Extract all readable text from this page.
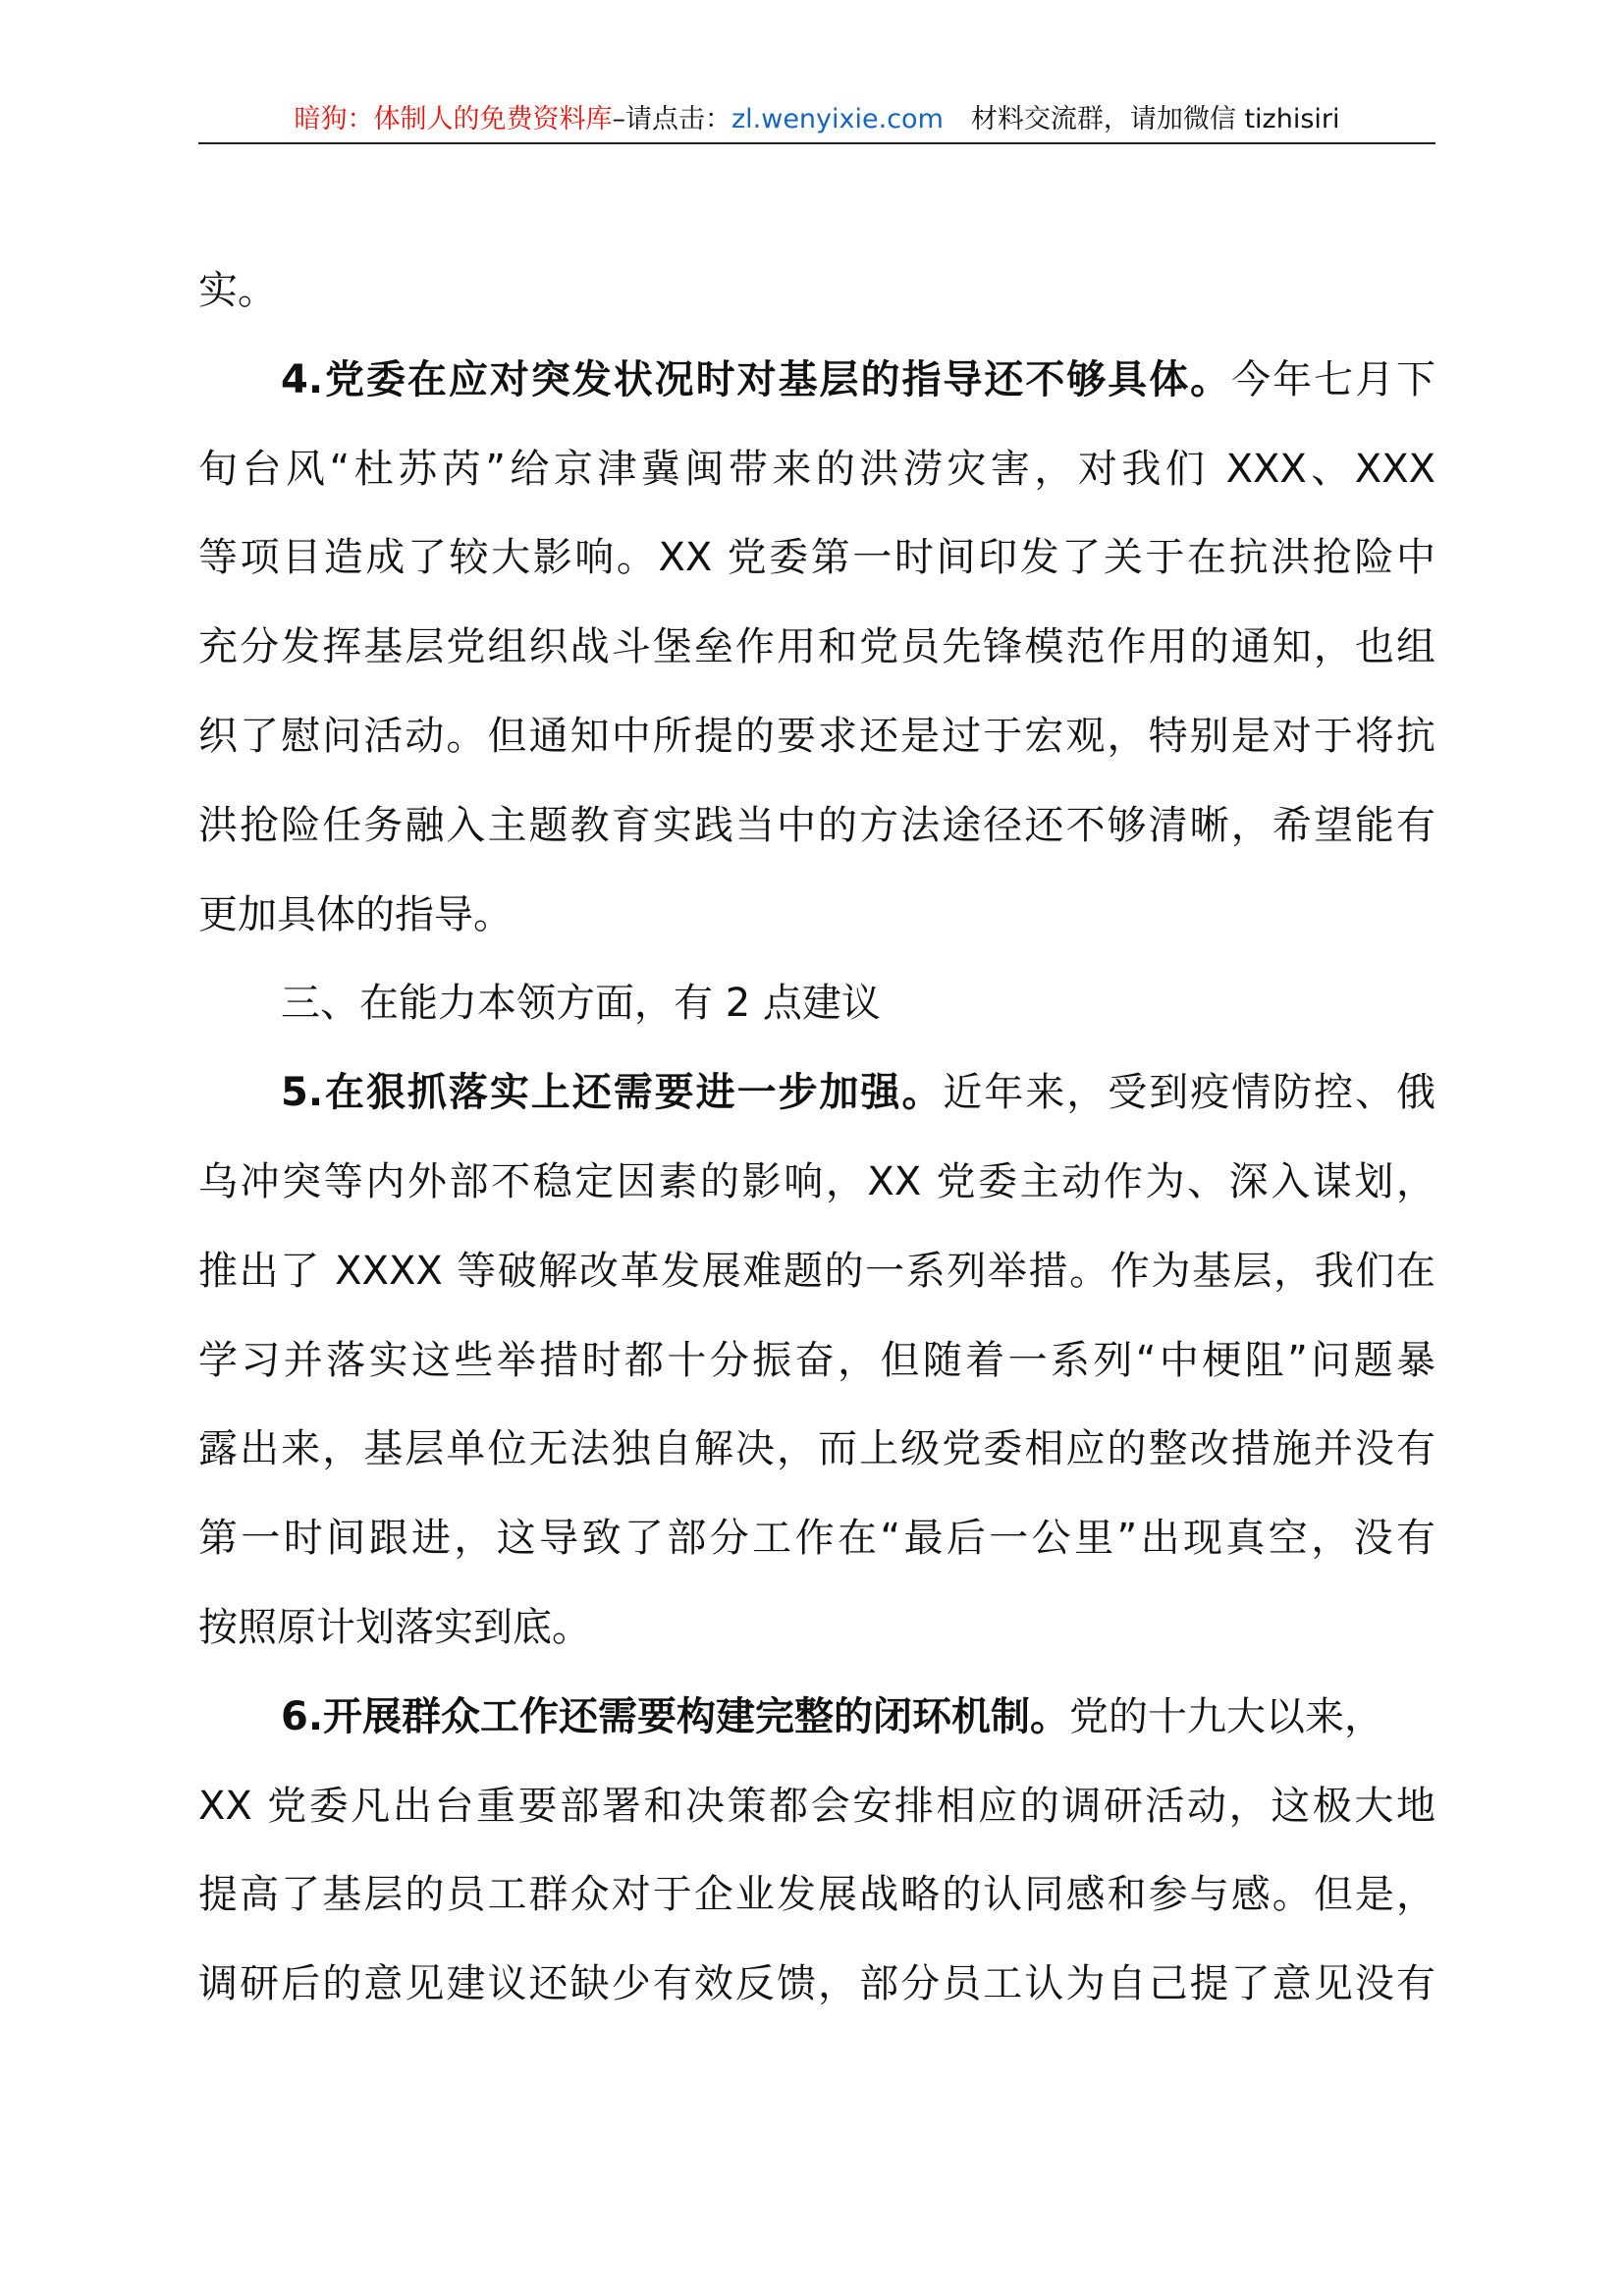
暗狗：体制人的免费资料库–请点击：zl.wenyixie.com 材料交流群，请加微信 tizhisiri
实。
4.党委在应对突发状况时对基层的指导还不够具体。今年七月下
旬台风“杜苏芮”给京津冀闽带来的洪涝灾害，对我们 XXX、XXX
等项目造成了较大影响。XX 党委第一时间印发了关于在抗洪抢险中
充分发挥基层党组织战斗堡垒作用和党员先锋模范作用的通知，也组
织了慰问活动。但通知中所提的要求还是过于宏观，特别是对于将抗
洪抢险任务融入主题教育实践当中的方法途径还不够清晰，希望能有
更加具体的指导。
三、在能力本领方面，有 2 点建议
5.在狠抓落实上还需要进一步加强。近年来，受到疫情防控、俄
乌冲突等内外部不稳定因素的影响，XX 党委主动作为、深入谋划，
推出了 XXXX 等破解改革发展难题的一系列举措。作为基层，我们在
学习并落实这些举措时都十分振奋，但随着一系列“中梗阻”问题暴
露出来，基层单位无法独自解决，而上级党委相应的整改措施并没有
第一时间跟进，这导致了部分工作在“最后一公里”出现真空，没有
按照原计划落实到底。
6.开展群众工作还需要构建完整的闭环机制。党的十九大以来，
XX 党委凡出台重要部署和决策都会安排相应的调研活动，这极大地
提高了基层的员工群众对于企业发展战略的认同感和参与感。但是，
调研后的意见建议还缺少有效反馈，部分员工认为自己提了意见没有
